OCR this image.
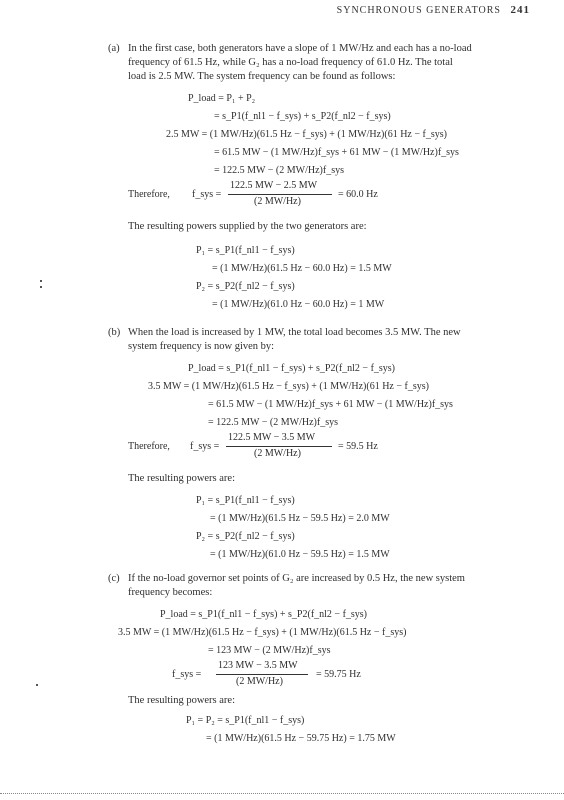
SYNCHRONOUS GENERATORS 241
(a) In the first case, both generators have a slope of 1 MW/Hz and each has a no-load
frequency of 61.5 Hz, while G₂ has a no-load frequency of 61.0 Hz. The total
load is 2.5 MW. The system frequency can be found as follows:
P_load = P₁ + P₂
= s_P1(f_nl1 − f_sys) + s_P2(f_nl2 − f_sys)
2.5 MW = (1 MW/Hz)(61.5 Hz − f_sys) + (1 MW/Hz)(61 Hz − f_sys)
= 61.5 MW − (1 MW/Hz)f_sys + 61 MW − (1 MW/Hz)f_sys
= 122.5 MW − (2 MW/Hz)f_sys
Therefore, f_sys =
122.5 MW − 2.5 MW
(2 MW/Hz)
= 60.0 Hz
The resulting powers supplied by the two generators are:
P₁ = s_P1(f_nl1 − f_sys)
= (1 MW/Hz)(61.5 Hz − 60.0 Hz) = 1.5 MW
P₂ = s_P2(f_nl2 − f_sys)
= (1 MW/Hz)(61.0 Hz − 60.0 Hz) = 1 MW
(b) When the load is increased by 1 MW, the total load becomes 3.5 MW. The new
system frequency is now given by:
P_load = s_P1(f_nl1 − f_sys) + s_P2(f_nl2 − f_sys)
3.5 MW = (1 MW/Hz)(61.5 Hz − f_sys) + (1 MW/Hz)(61 Hz − f_sys)
= 61.5 MW − (1 MW/Hz)f_sys + 61 MW − (1 MW/Hz)f_sys
= 122.5 MW − (2 MW/Hz)f_sys
Therefore, f_sys =
122.5 MW − 3.5 MW
(2 MW/Hz)
= 59.5 Hz
The resulting powers are:
P₁ = s_P1(f_nl1 − f_sys)
= (1 MW/Hz)(61.5 Hz − 59.5 Hz) = 2.0 MW
P₂ = s_P2(f_nl2 − f_sys)
= (1 MW/Hz)(61.0 Hz − 59.5 Hz) = 1.5 MW
(c) If the no-load governor set points of G₂ are increased by 0.5 Hz, the new system
frequency becomes:
P_load = s_P1(f_nl1 − f_sys) + s_P2(f_nl2 − f_sys)
3.5 MW = (1 MW/Hz)(61.5 Hz − f_sys) + (1 MW/Hz)(61.5 Hz − f_sys)
= 123 MW − (2 MW/Hz)f_sys
f_sys =
123 MW − 3.5 MW
(2 MW/Hz)
= 59.75 Hz
The resulting powers are:
P₁ = P₂ = s_P1(f_nl1 − f_sys)
= (1 MW/Hz)(61.5 Hz − 59.75 Hz) = 1.75 MW
